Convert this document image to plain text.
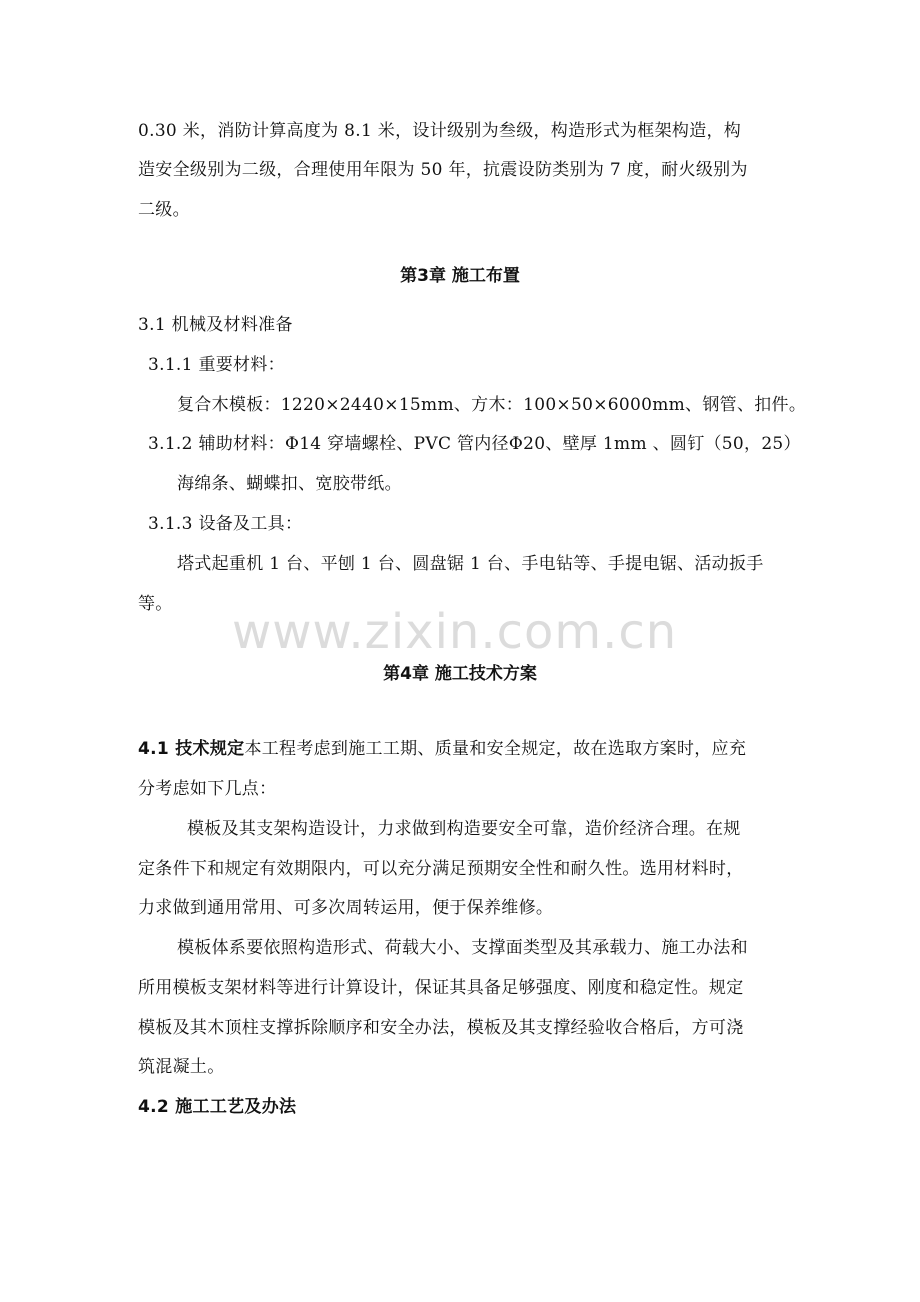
0.30 米，消防计算高度为 8.1 米，设计级别为叁级，构造形式为框架构造，构
造安全级别为二级，合理使用年限为 50 年，抗震设防类别为 7 度，耐火级别为
二级。
第3章 施工布置
3.1 机械及材料准备
3.1.1 重要材料：
复合木模板：1220×2440×15mm、方木：100×50×6000mm、钢管、扣件。
3.1.2 辅助材料：Φ14 穿墙螺栓、PVC 管内径Φ20、壁厚 1mm 、圆钉（50，25）
海绵条、蝴蝶扣、宽胶带纸。
3.1.3 设备及工具：
塔式起重机 1 台、平刨 1 台、圆盘锯 1 台、手电钻等、手提电锯、活动扳手
等。 www.zixin.com.cn
第4章 施工技术方案
4.1 技术规定本工程考虑到施工工期、质量和安全规定，故在选取方案时，应充
分考虑如下几点：
模板及其支架构造设计，力求做到构造要安全可靠，造价经济合理。在规
定条件下和规定有效期限内，可以充分满足预期安全性和耐久性。选用材料时，
力求做到通用常用、可多次周转运用，便于保养维修。
模板体系要依照构造形式、荷载大小、支撑面类型及其承载力、施工办法和
所用模板支架材料等进行计算设计，保证其具备足够强度、刚度和稳定性。规定
模板及其木顶柱支撑拆除顺序和安全办法，模板及其支撑经验收合格后，方可浇
筑混凝土。
4.2 施工工艺及办法
